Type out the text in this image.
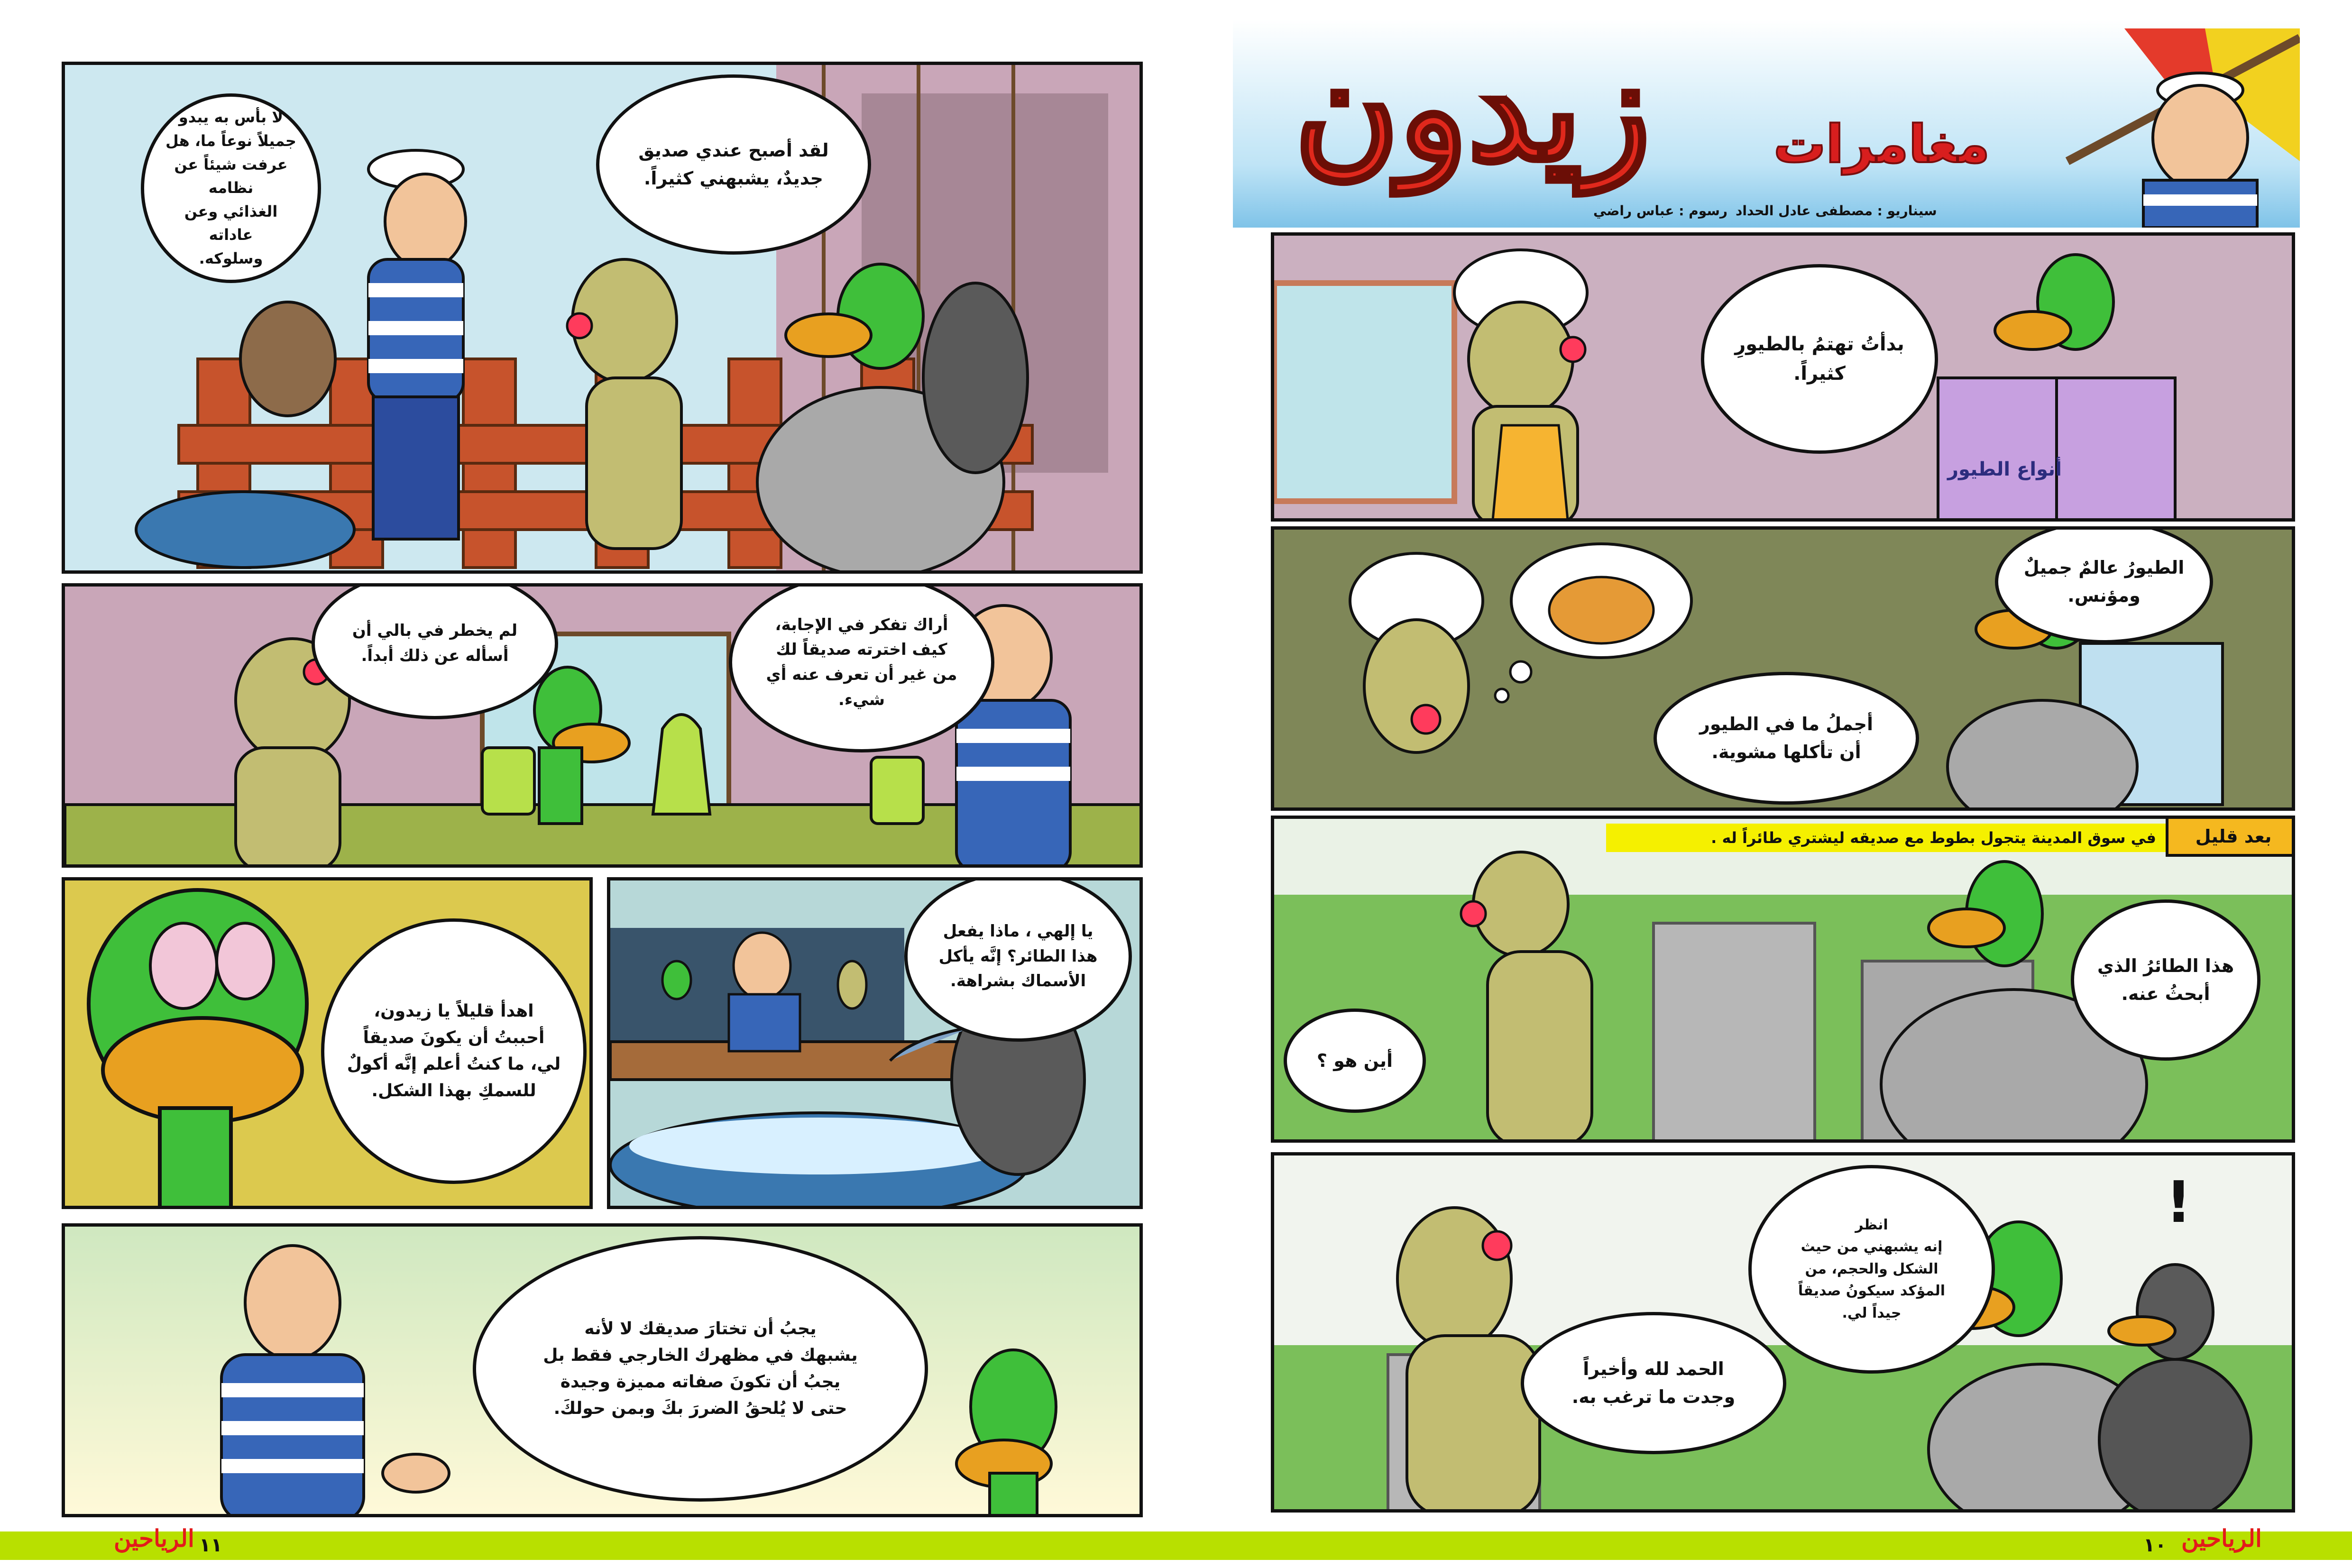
لا بأس به يبدو
جميلاً نوعاً ما، هل
عرفت شيئاً عن نظامه
الغذائي وعن عاداته
وسلوكه.
لقد أصبح عندي صديق
جديدٌ، يشبهني كثيراً.
لم يخطر في بالي أن
أسأله عن ذلك أبداً.
أراك تفكر في الإجابة،
كيف اخترته صديقاً لك
من غير أن تعرف عنه أي
شيء.
اهدأ قليلاً يا زيدون،
أحببتُ أن يكونَ صديقاً
لي، ما كنتُ أعلم إنَّه أكولٌ
للسمكِ بهذا الشكل.
يا إلهي ، ماذا يفعل
هذا الطائر؟ إنَّه يأكل
الأسماك بشراهة.
يجبُ أن تختارَ صديقك لا لأنه
يشبهك في مظهرك الخارجي فقط بل
يجبُ أن تكونَ صفاته مميزة وجيدة
حتى لا يُلحقُ الضررَ بكَ وبمن حولكَ.
الرياحين ١١
مغامرات
زيدون
سيناريو : مصطفى عادل الحداد
رسوم : عباس راضي
أنواع الطيور
بدأتُ تهتمُ بالطيورِ
كثيراً.
الطيورُ عالمٌ جميلٌ
ومؤنس.
أجملُ ما في الطيور
أن تأكلها مشوية.
بعد قليل
في سوق المدينة يتجول بطوط مع صديقه ليشتري طائراً له .
هذا الطائرُ الذي
أبحثُ عنه.
أين هو ؟
!
انظر
إنه يشبهني من حيث
الشكل والحجم، من
المؤكد سيكونُ صديقاً
جيداً لي.
الحمد لله وأخيراً
وجدت ما ترغب به.
الرياحين
١٠
